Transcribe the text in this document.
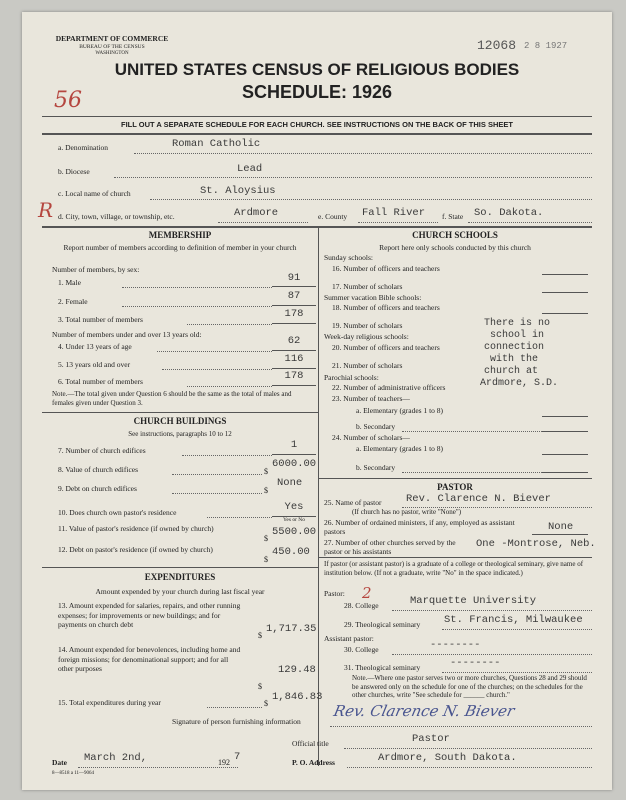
DEPARTMENT OF COMMERCE
BUREAU OF THE CENSUS
WASHINGTON
12068 2 8 1927
UNITED STATES CENSUS OF RELIGIOUS BODIES
SCHEDULE: 1926
56
FILL OUT A SEPARATE SCHEDULE FOR EACH CHURCH. SEE INSTRUCTIONS ON THE BACK OF THIS SHEET
a. Denomination	Roman Catholic
b. Diocese	Lead
c. Local name of church	St. Aloysius
R d. City, town, village, or township, etc.	Ardmore	e. County Fall River f. State So. Dakota.
MEMBERSHIP
Report number of members according to definition of member in your church
Number of members, by sex:
1. Male	91
2. Female	87
3. Total number of members	178
Number of members under and over 13 years old:
4. Under 13 years of age	62
5. 13 years old and over	116
6. Total number of members	178
Note.—The total given under Question 6 should be the same as the total of males and females given under Question 3.
CHURCH BUILDINGS
See instructions, paragraphs 10 to 12
7. Number of church edifices	1
8. Value of church edifices	$
6000.00
9. Debt on church edifices	$
None
10. Does church own pastor's residence	Yes
Yes or No
11. Value of pastor's residence (if owned by church)
$
5500.00
12. Debt on pastor's residence (if owned by church)
$
450.00
EXPENDITURES
Amount expended by your church during last fiscal year
13. Amount expended for salaries, repairs, and other running expenses; for improvements or new buildings; and for payments on church debt
$
1,717.35
14. Amount expended for benevolences, including home and foreign missions; for denominational support; and for all other purposes
$
129.48
15. Total expenditures during year	$
1,846.83
CHURCH SCHOOLS
Report here only schools conducted by this church
Sunday schools:
16. Number of officers and teachers
17. Number of scholars
Summer vacation Bible schools:
18. Number of officers and teachers
19. Number of scholars
Week-day religious schools:
20. Number of officers and teachers
21. Number of scholars
Parochial schools:
22. Number of administrative officers
23. Number of teachers—
a. Elementary (grades 1 to 8)
b. Secondary
24. Number of scholars—
a. Elementary (grades 1 to 8)
b. Secondary
There is no
school in
connection
with the
church at
Ardmore, S.D.
PASTOR
25. Name of pastor Rev. Clarence N. Biever
(If church has no pastor, write "None")
26. Number of ordained ministers, if any, employed as assistant pastors	None
27. Number of other churches served by the pastor or his assistants
One -Montrose, Neb.
If pastor (or assistant pastor) is a graduate of a college or theological seminary, give name of institution below. (If not a graduate, write "No" in the space indicated.)
Pastor: 2
28. College	Marquette University
29. Theological seminary St. Francis, Milwaukee
Assistant pastor:
30. College	--------
31. Theological seminary	--------
Note.—Where one pastor serves two or more churches, Questions 28 and 29 should be answered only on the schedule for one of the churches; on the schedules for the other churches, write "See schedule for ______ church."
Signature of person furnishing information
Rev. Clarence N. Biever
Official title	Pastor
Date March 2nd,	192 7	P. O. Address	Ardmore, South Dakota.
8—8518 a 11—9064
